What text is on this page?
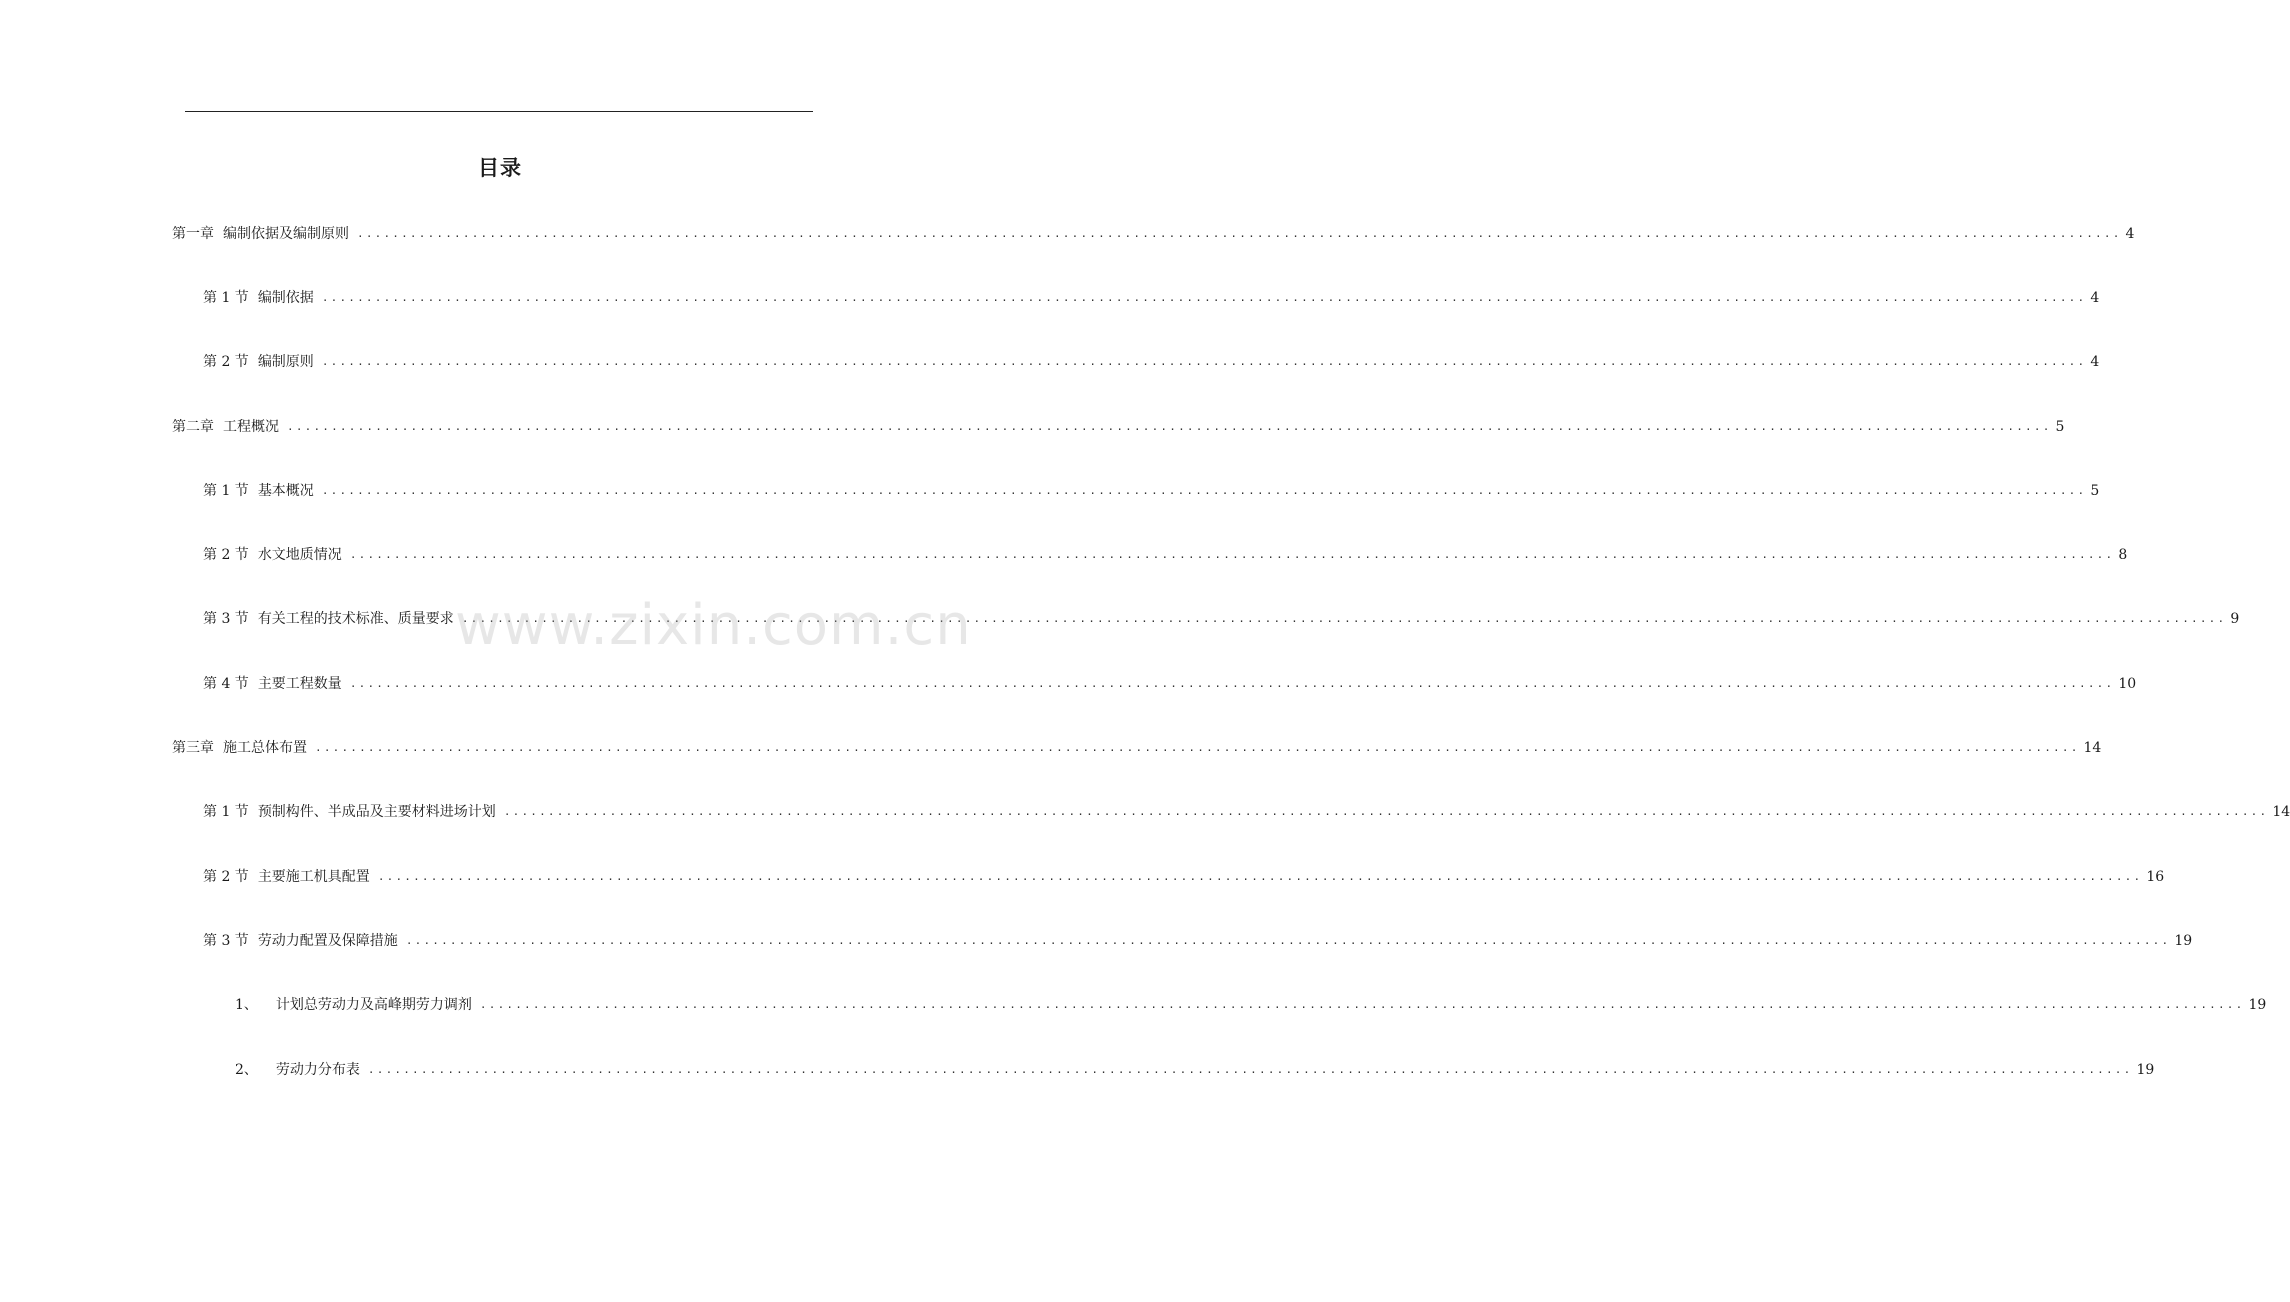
目录
第一章 编制依据及编制原则 ........................................................................................................................................................................................................ 4
第 1 节 编制依据 ........................................................................................................................................................................................................ 4
第 2 节 编制原则 ........................................................................................................................................................................................................ 4
第二章 工程概况 ........................................................................................................................................................................................................ 5
第 1 节 基本概况 ........................................................................................................................................................................................................ 5
第 2 节 水文地质情况 ........................................................................................................................................................................................................ 8
第 3 节 有关工程的技术标准、质量要求 ........................................................................................................................................................................................................ 9
第 4 节 主要工程数量 ........................................................................................................................................................................................................ 10
第三章 施工总体布置 ........................................................................................................................................................................................................ 14
第 1 节 预制构件、半成品及主要材料进场计划 ........................................................................................................................................................................................................ 14
第 2 节 主要施工机具配置 ........................................................................................................................................................................................................ 16
第 3 节 劳动力配置及保障措施 ........................................................................................................................................................................................................ 19
1、 计划总劳动力及高峰期劳力调剂 ........................................................................................................................................................................................................ 19
2、 劳动力分布表 ........................................................................................................................................................................................................ 19
www.zixin.com.cn
